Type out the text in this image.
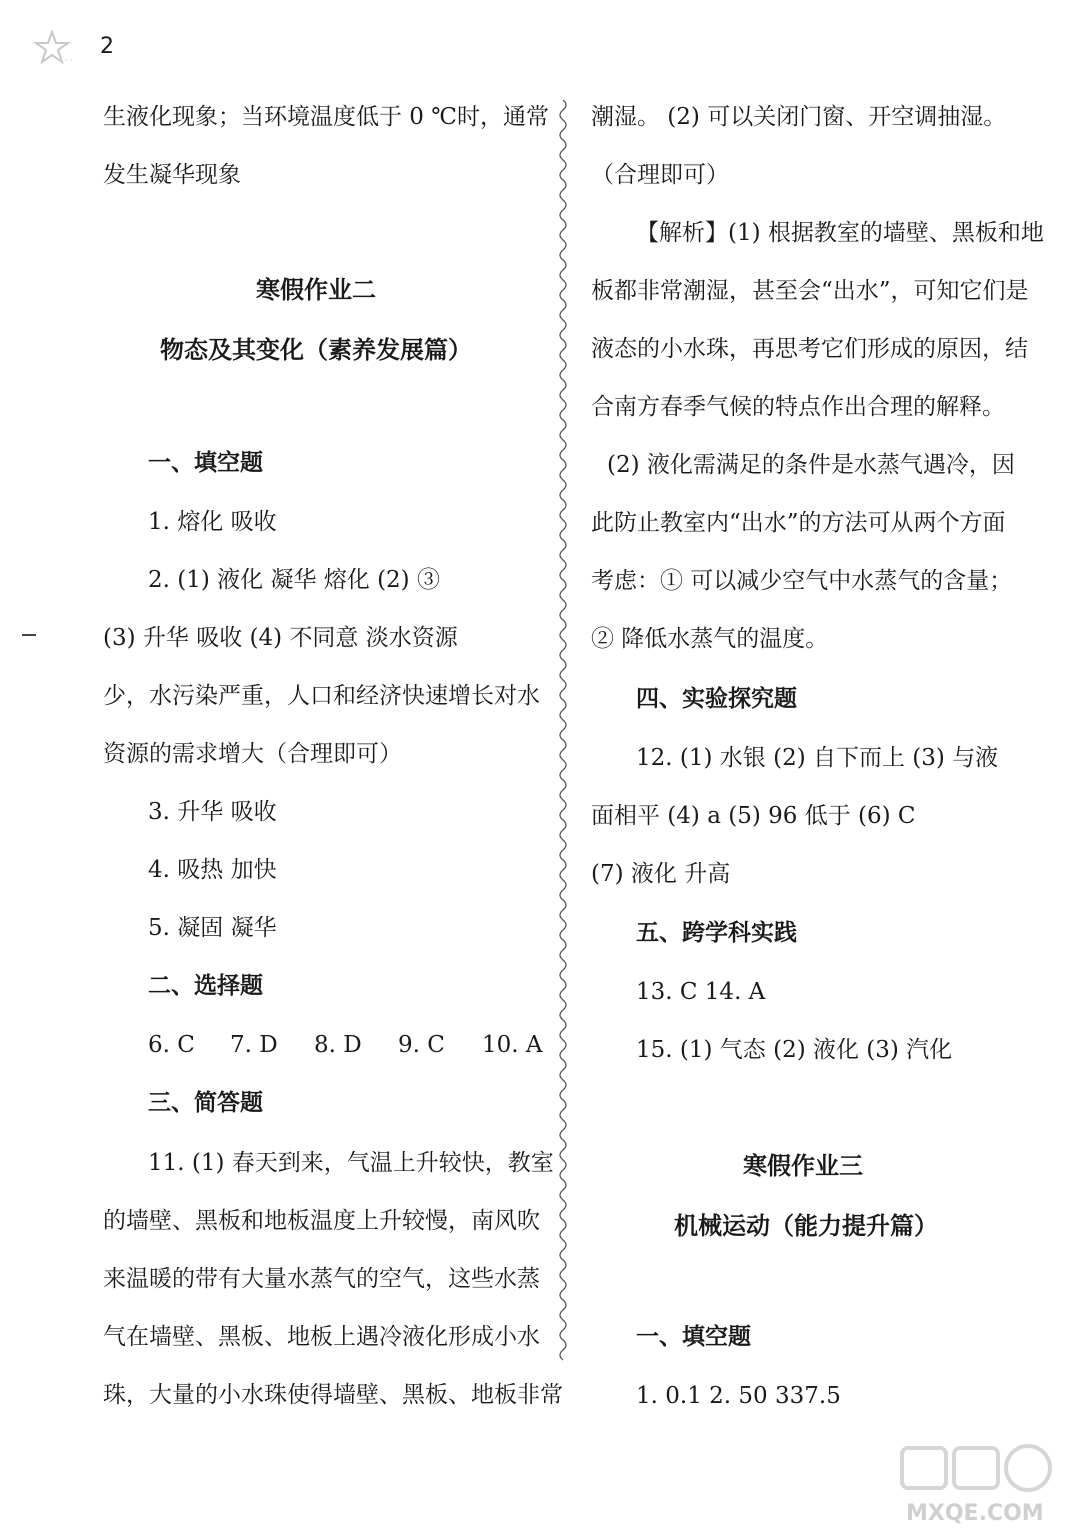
2
生液化现象；当环境温度低于 0 ℃时，通常
发生凝华现象
寒假作业二
物态及其变化（素养发展篇）
一、填空题
1. 熔化 吸收
2. (1) 液化 凝华 熔化 (2) ③
(3) 升华 吸收 (4) 不同意 淡水资源
少，水污染严重，人口和经济快速增长对水
资源的需求增大（合理即可）
3. 升华 吸收
4. 吸热 加快
5. 凝固 凝华
二、选择题
6. C 7. D 8. D 9. C 10. A
三、简答题
11. (1) 春天到来，气温上升较快，教室
的墙壁、黑板和地板温度上升较慢，南风吹
来温暖的带有大量水蒸气的空气，这些水蒸
气在墙壁、黑板、地板上遇冷液化形成小水
珠，大量的小水珠使得墙壁、黑板、地板非常
潮湿。 (2) 可以关闭门窗、开空调抽湿。
（合理即可）
【解析】(1) 根据教室的墙壁、黑板和地
板都非常潮湿，甚至会“出水”，可知它们是
液态的小水珠，再思考它们形成的原因，结
合南方春季气候的特点作出合理的解释。
(2) 液化需满足的条件是水蒸气遇冷，因
此防止教室内“出水”的方法可从两个方面
考虑：① 可以减少空气中水蒸气的含量；
② 降低水蒸气的温度。
四、实验探究题
12. (1) 水银 (2) 自下而上 (3) 与液
面相平 (4) a (5) 96 低于 (6) C
(7) 液化 升高
五、跨学科实践
13. C 14. A
15. (1) 气态 (2) 液化 (3) 汽化
寒假作业三
机械运动（能力提升篇）
一、填空题
1. 0.1 2. 50 337.5
MXQE.COM
